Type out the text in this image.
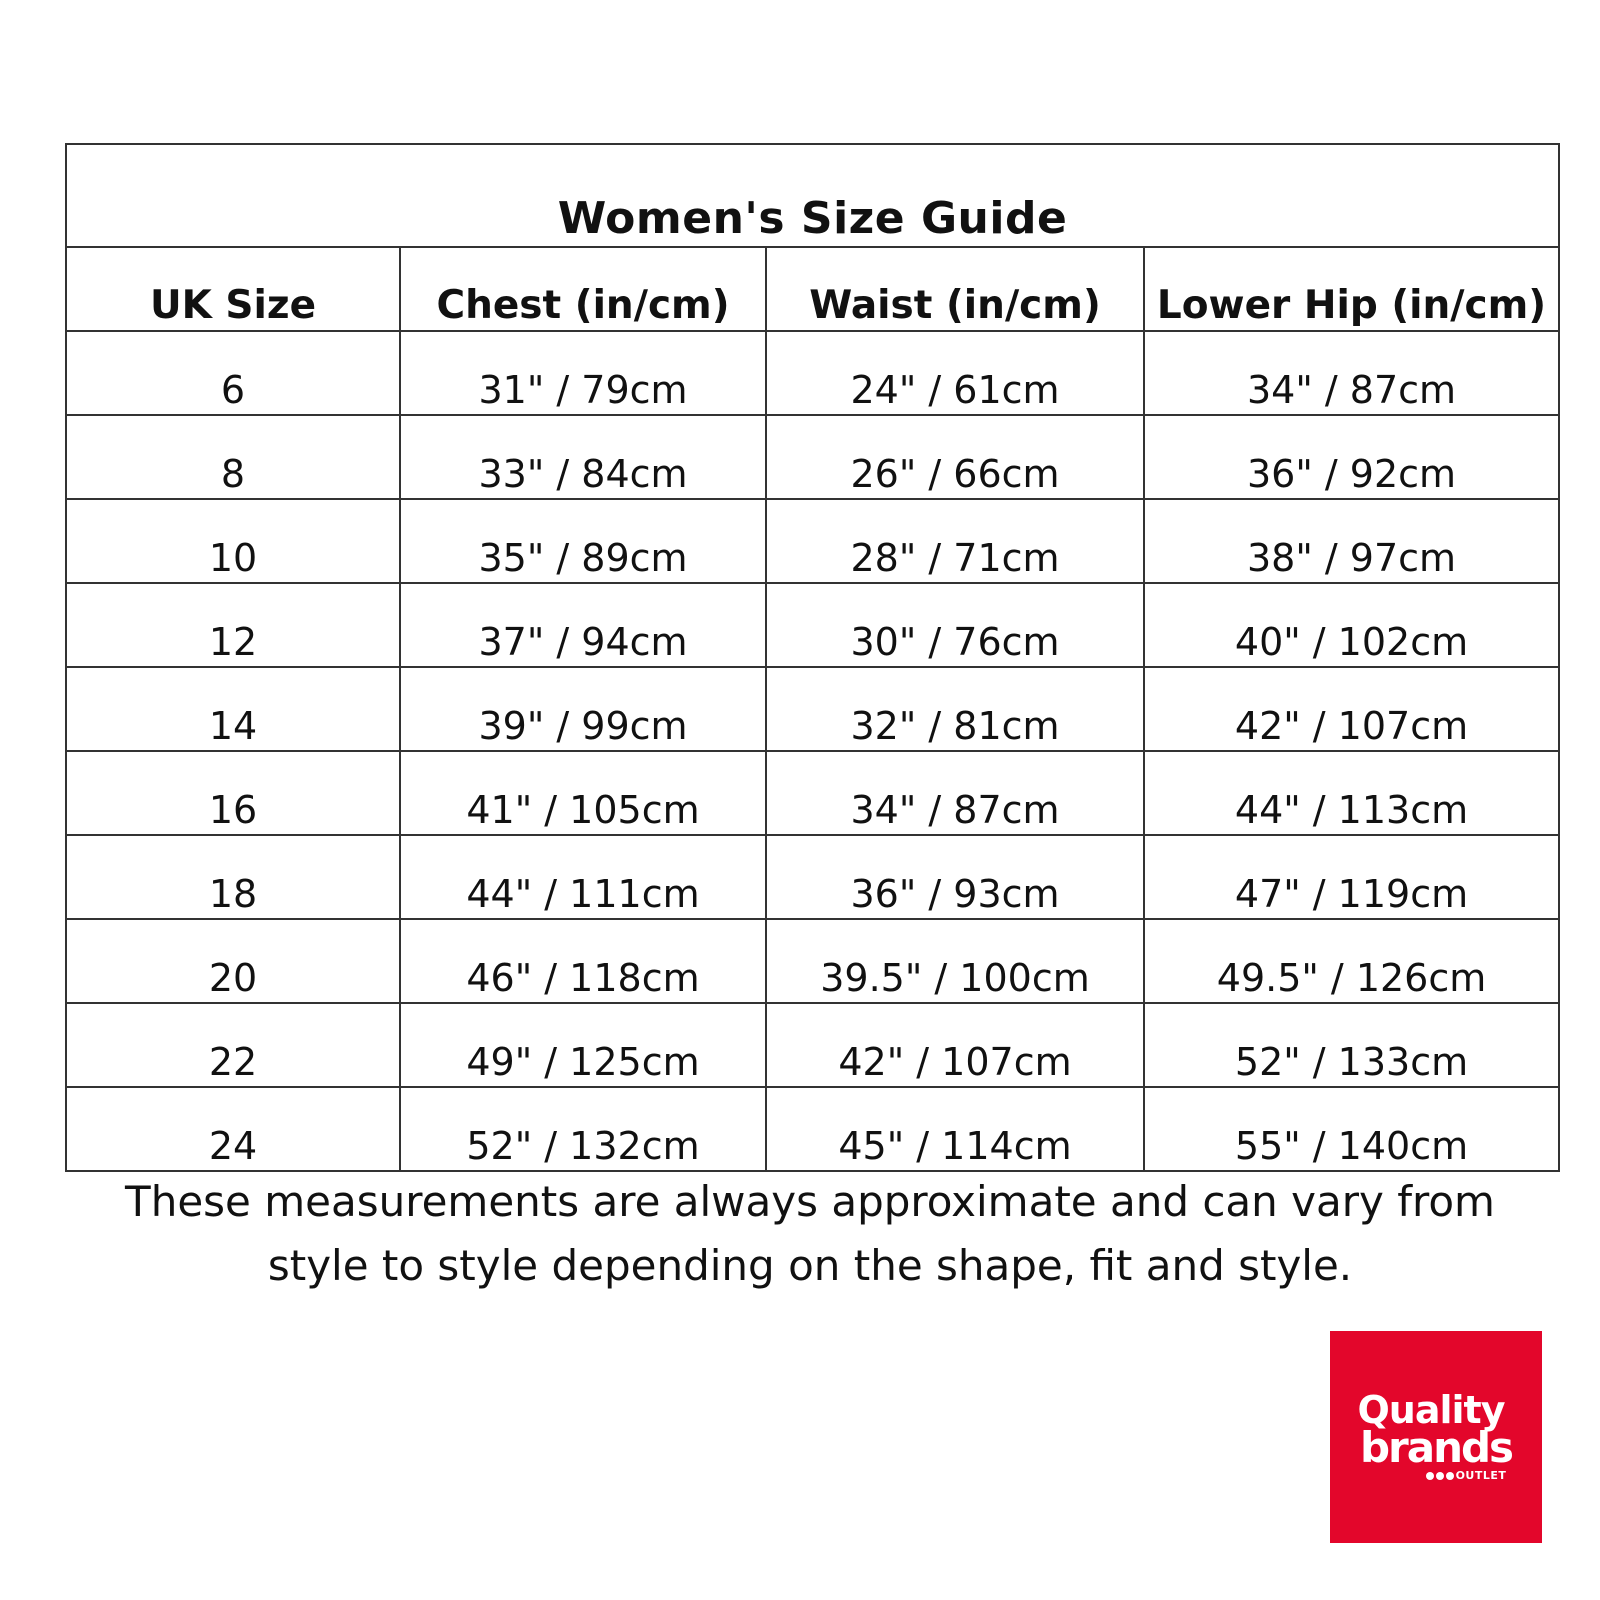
Women's Size Guide			
UK Size	Chest (in/cm)	Waist (in/cm)	Lower Hip (in/cm)
6	31" / 79cm	24" / 61cm	34" / 87cm
8	33" / 84cm	26" / 66cm	36" / 92cm
10	35" / 89cm	28" / 71cm	38" / 97cm
12	37" / 94cm	30" / 76cm	40" / 102cm
14	39" / 99cm	32" / 81cm	42" / 107cm
16	41" / 105cm	34" / 87cm	44" / 113cm
18	44" / 111cm	36" / 93cm	47" / 119cm
20	46" / 118cm	39.5" / 100cm	49.5" / 126cm
22	49" / 125cm	42" / 107cm	52" / 133cm
24	52" / 132cm	45" / 114cm	55" / 140cm
These measurements are always approximate and can vary from
style to style depending on the shape, fit and style.
Quality
brands
OUTLET
